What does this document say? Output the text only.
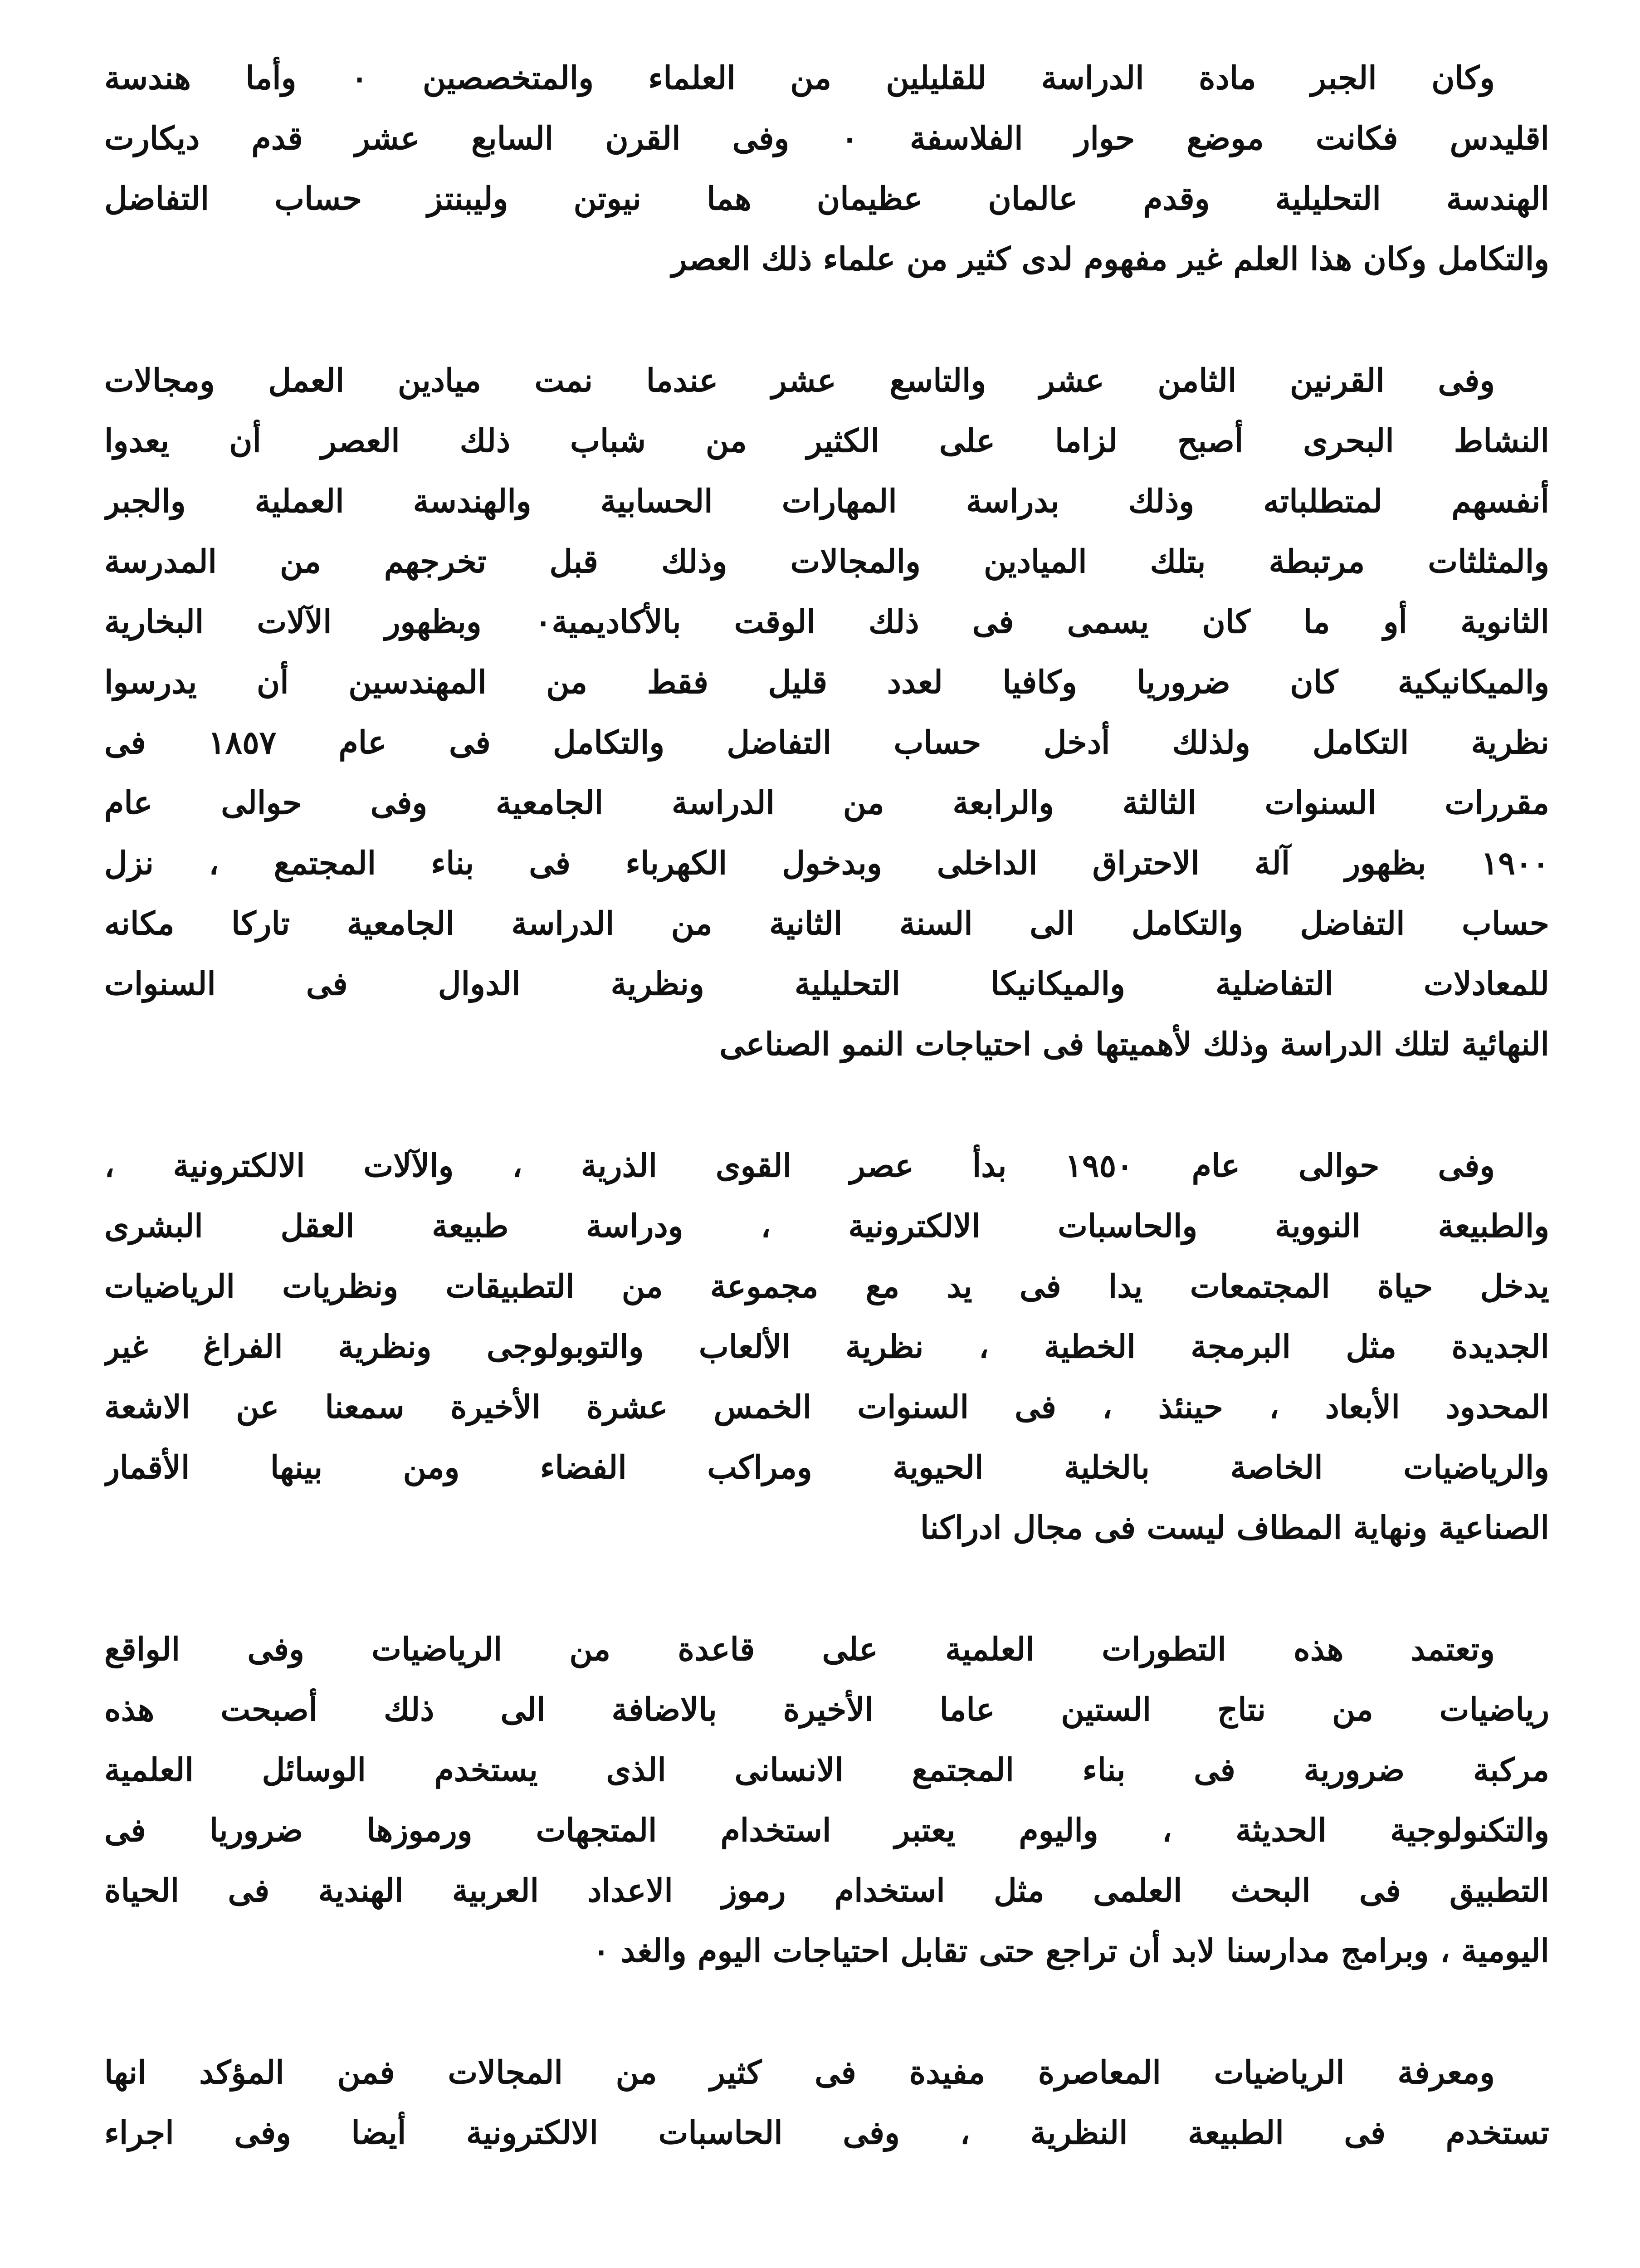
وكان الجبر مادة الدراسة للقليلين من العلماء والمتخصصين ٠ وأما هندسة
اقليدس فكانت موضع حوار الفلاسفة ٠ وفى القرن السابع عشر قدم ديكارت
الهندسة التحليلية وقدم عالمان عظيمان هما نيوتن وليبنتز حساب التفاضل
والتكامل وكان هذا العلم غير مفهوم لدى كثير من علماء ذلك العصر
وفى القرنين الثامن عشر والتاسع عشر عندما نمت ميادين العمل ومجالات
النشاط البحرى أصبح لزاما على الكثير من شباب ذلك العصر أن يعدوا
أنفسهم لمتطلباته وذلك بدراسة المهارات الحسابية والهندسة العملية والجبر
والمثلثات مرتبطة بتلك الميادين والمجالات وذلك قبل تخرجهم من المدرسة
الثانوية أو ما كان يسمى فى ذلك الوقت بالأكاديمية٠ وبظهور الآلات البخارية
والميكانيكية كان ضروريا وكافيا لعدد قليل فقط من المهندسين أن يدرسوا
نظرية التكامل ولذلك أدخل حساب التفاضل والتكامل فى عام ١٨٥٧ فى
مقررات السنوات الثالثة والرابعة من الدراسة الجامعية وفى حوالى عام
١٩٠٠ بظهور آلة الاحتراق الداخلى وبدخول الكهرباء فى بناء المجتمع ، نزل
حساب التفاضل والتكامل الى السنة الثانية من الدراسة الجامعية تاركا مكانه
للمعادلات التفاضلية والميكانيكا التحليلية ونظرية الدوال فى السنوات
النهائية لتلك الدراسة وذلك لأهميتها فى احتياجات النمو الصناعى
وفى حوالى عام ١٩٥٠ بدأ عصر القوى الذرية ، والآلات الالكترونية ،
والطبيعة النووية والحاسبات الالكترونية ، ودراسة طبيعة العقل البشرى
يدخل حياة المجتمعات يدا فى يد مع مجموعة من التطبيقات ونظريات الرياضيات
الجديدة مثل البرمجة الخطية ، نظرية الألعاب والتوبولوجى ونظرية الفراغ غير
المحدود الأبعاد ، حينئذ ، فى السنوات الخمس عشرة الأخيرة سمعنا عن الاشعة
والرياضيات الخاصة بالخلية الحيوية ومراكب الفضاء ومن بينها الأقمار
الصناعية ونهاية المطاف ليست فى مجال ادراكنا
وتعتمد هذه التطورات العلمية على قاعدة من الرياضيات وفى الواقع
رياضيات من نتاج الستين عاما الأخيرة بالاضافة الى ذلك أصبحت هذه
مركبة ضرورية فى بناء المجتمع الانسانى الذى يستخدم الوسائل العلمية
والتكنولوجية الحديثة ، واليوم يعتبر استخدام المتجهات ورموزها ضروريا فى
التطبيق فى البحث العلمى مثل استخدام رموز الاعداد العربية الهندية فى الحياة
اليومية ، وبرامج مدارسنا لابد أن تراجع حتى تقابل احتياجات اليوم والغد ٠
ومعرفة الرياضيات المعاصرة مفيدة فى كثير من المجالات فمن المؤكد انها
تستخدم فى الطبيعة النظرية ، وفى الحاسبات الالكترونية أيضا وفى اجراء
